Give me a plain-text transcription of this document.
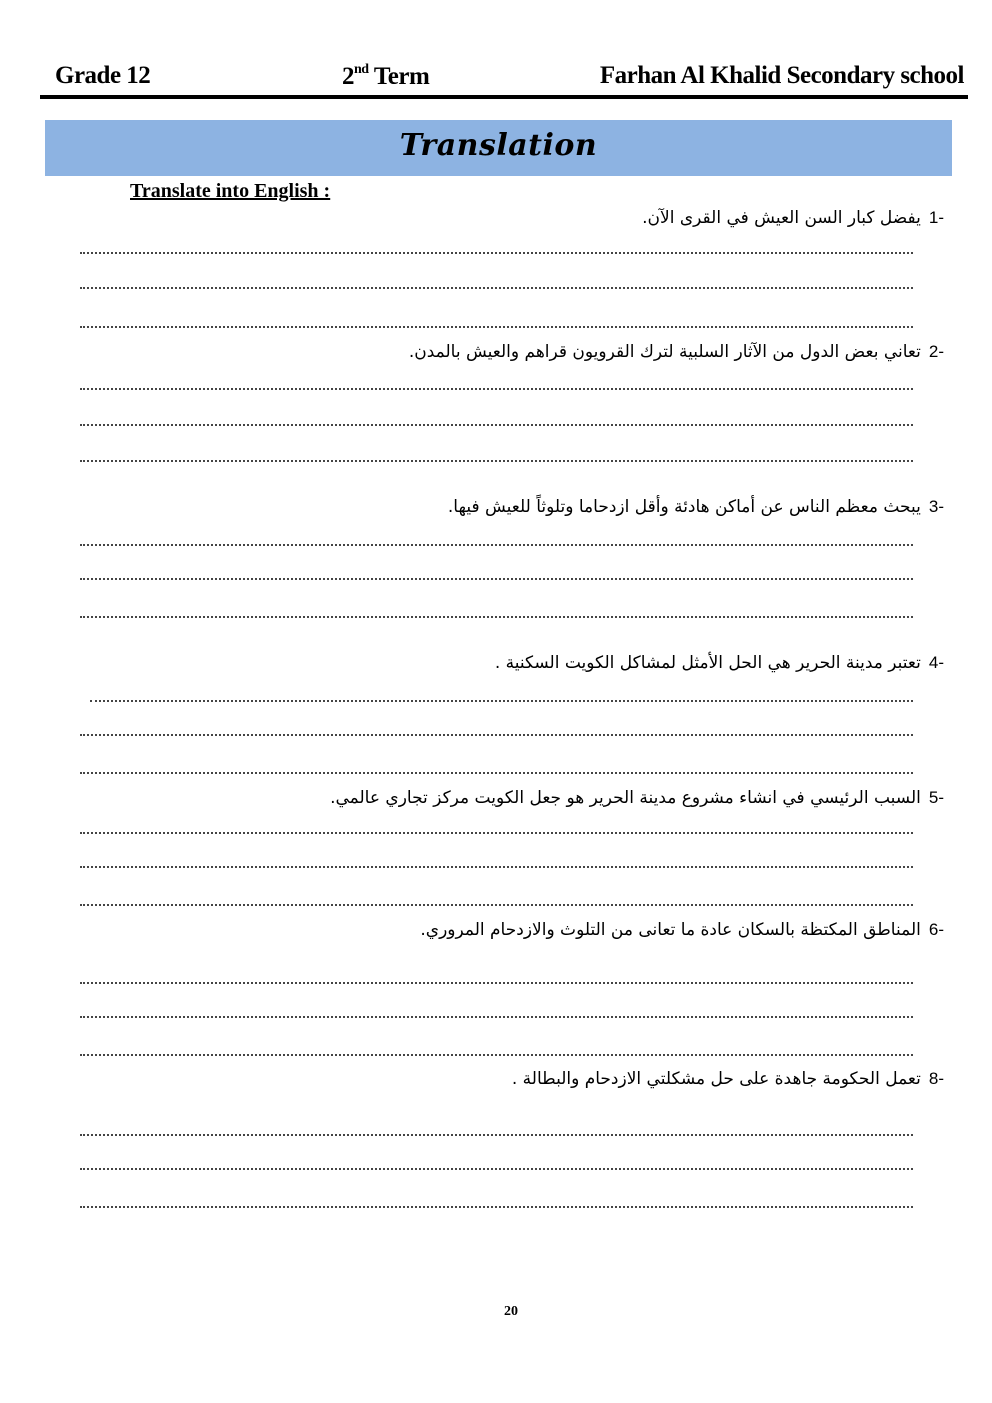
Grade 12	2nd Term	Farhan Al Khalid Secondary school
Translation
Translate into English :
-1يفضل كبار السن العيش في القرى الآن.
-2تعاني بعض الدول من الآثار السلبية لترك القرويون قراهم والعيش بالمدن.
-3يبحث معظم الناس عن أماكن هادئة وأقل ازدحاما وتلوثاً للعيش فيها.
-4تعتبر مدينة الحرير هي الحل الأمثل لمشاكل الكويت السكنية .
-5السبب الرئيسي في انشاء مشروع مدينة الحرير هو جعل الكويت مركز تجاري عالمي.
-6المناطق المكتظة بالسكان عادة ما تعانى من التلوث والازدحام المروري.
-8تعمل الحكومة جاهدة على حل مشكلتي الازدحام والبطالة .
20
